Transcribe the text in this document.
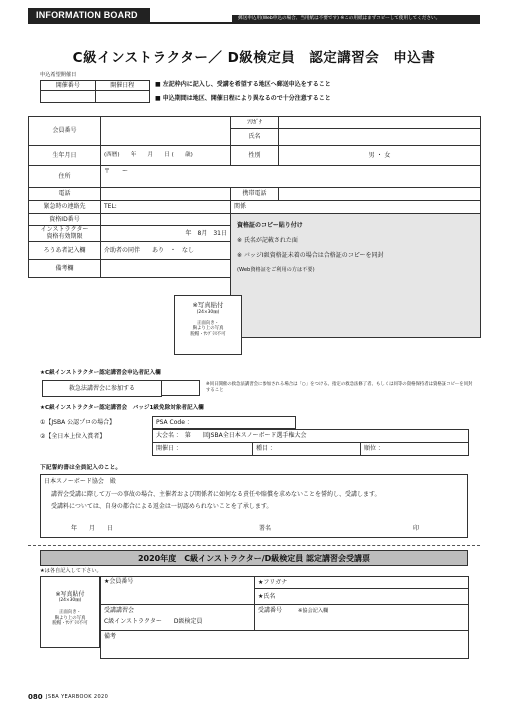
INFORMATION BOARD	郵送申込用(Web申込の場合、当用紙は不要です) ※この用紙はまずコピーして使用してください。
C級インストラクター／ D級検定員　認定講習会　申込書
申込希望開催日
開催番号	開催日程
		■ 左記枠内に記入し、受講を希望する地区へ郵送申込をすること
■ 申込期間は地区、開催日程により異なるので十分注意すること
会員番号		ﾌﾘｶﾞﾅ	
		氏名	
生年月日	(西暦)　　年　　月　　日 (　　歳)	性別	男 ・ 女
住所	〒　　ー		
電話		携帯電話	
緊急時の連絡先	TEL:	関係	
資格ID番号		資格証のコピー貼り付け
※ 氏名が記載された面
※ バッジI級資格証未着の場合は合格証のコピーを同封
(Web資格証をご利用の方は不要)	

インストラクター
資格有効期限	年　8月　31日		
ろうあ者記入欄	介助者の同伴　　あり　・　なし		
備考欄			

※写真貼付
(24×30㎜)
正面向き・
胸より上の写真
脱帽・ｻﾝｸﾞﾗｽ不可
★C級インストラクター認定講習会申込者記入欄
救急法講習会に参加する
※同日開催の救急法講習会に参加される場合は「○」をつける。指定の救急法修了者、もしくは同等の資格保持者は資格証コピーを同封すること
★C級インストラクター認定講習会　バッジ1級免除対象者記入欄
①【JSBA 公認プロの場合】	PSA Code ：
②【全日本上位入賞者】	大会名 ：　第　　回JSBA全日本スノーボード選手権大会
開催日 ：	種目 ：	順位 ：
下記誓約書は全員記入のこと。
日本スノーボード協会　殿
講習会受講に際して万一の事故の場合、主催者および関係者に如何なる責任や賠償を求めないことを誓約し、受講します。
受講料については、自身の都合による返金は一切認められないことを了承します。
年　　月　　日	署名	印
2020年度　C級インストラクター/D級検定員 認定講習会受講票
★は各自記入して下さい。
※写真貼付
(24×30㎜)
正面向き・
胸より上の写真
脱帽・ｻﾝｸﾞﾗｽ不可
★会員番号	★フリガナ
	★氏名

受講講習会
C級インストラクター　　D級検定員	受講番号 ※協会記入欄
備考	
080 JSBA YEARBOOK 2020
